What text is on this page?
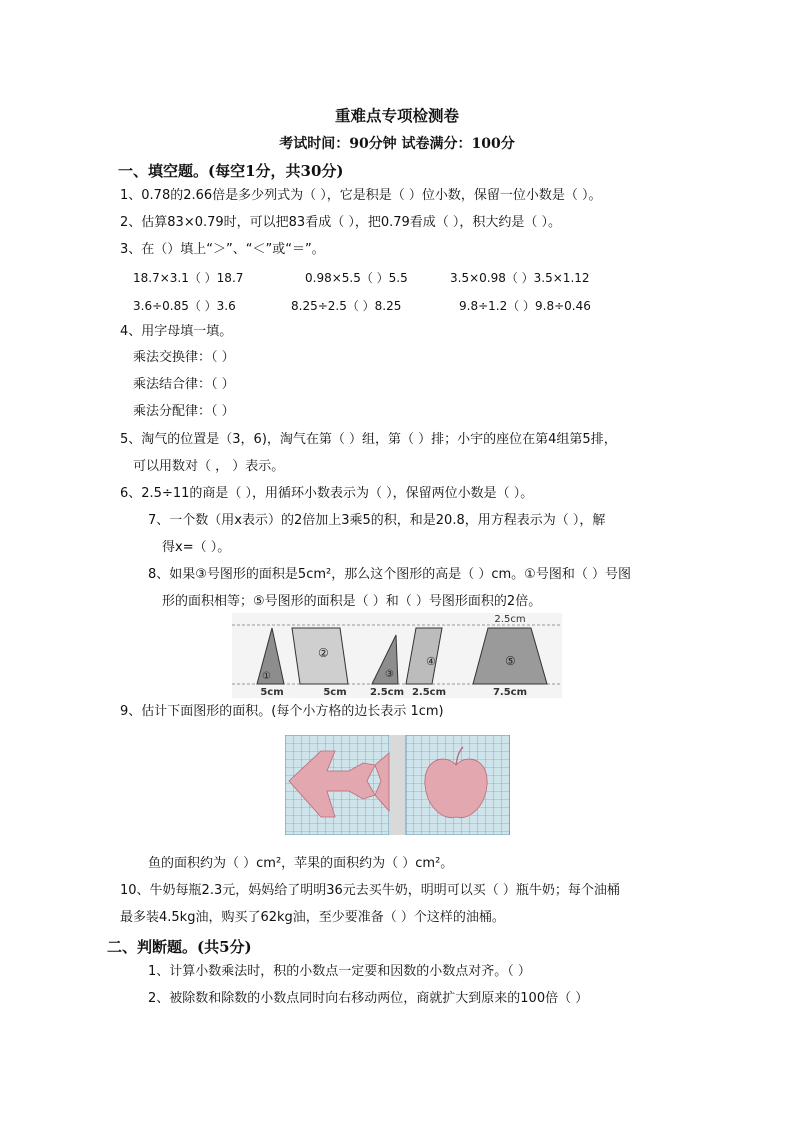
重难点专项检测卷
考试时间：90分钟 试卷满分：100分
一、填空题。(每空1分，共30分)
1、0.78的2.66倍是多少列式为（ ），它是积是（ ）位小数，保留一位小数是（ ）。
2、估算83×0.79时，可以把83看成（ ），把0.79看成（ ），积大约是（ ）。
3、在（）填上“＞”、“＜”或“＝”。
18.7×3.1（ ）18.7	0.98×5.5（ ）5.5	3.5×0.98（ ）3.5×1.12
3.6÷0.85（ ）3.6	8.25÷2.5（ ）8.25	9.8÷1.2（ ）9.8÷0.46
4、用字母填一填。
乘法交换律：（ ）
乘法结合律：（ ）
乘法分配律：（ ）
5、淘气的位置是（3，6)，淘气在第（ ）组，第（ ）排；小宇的座位在第4组第5排，
可以用数对（ ， ）表示。
6、2.5÷11的商是（ ），用循环小数表示为（ ），保留两位小数是（ ）。
7、一个数（用x表示）的2倍加上3乘5的积，和是20.8，用方程表示为（ ），解
得x=（ ）。
8、如果③号图形的面积是5cm²，那么这个图形的高是（ ）cm。①号图和（ ）号图
形的面积相等；⑤号图形的面积是（ ）和（ ）号图形面积的2倍。
2.5cm
①
②
③
④	⑤
5cm	5cm 2.5cm 2.5cm	7.5cm
9、估计下面图形的面积。(每个小方格的边长表示 1cm)
鱼的面积约为（ ）cm²，苹果的面积约为（ ）cm²。
10、牛奶每瓶2.3元，妈妈给了明明36元去买牛奶，明明可以买（ ）瓶牛奶；每个油桶
最多装4.5kg油，购买了62kg油，至少要准备（ ）个这样的油桶。
二、判断题。(共5分)
1、计算小数乘法时，积的小数点一定要和因数的小数点对齐。（ ）
2、被除数和除数的小数点同时向右移动两位，商就扩大到原来的100倍（ ）
